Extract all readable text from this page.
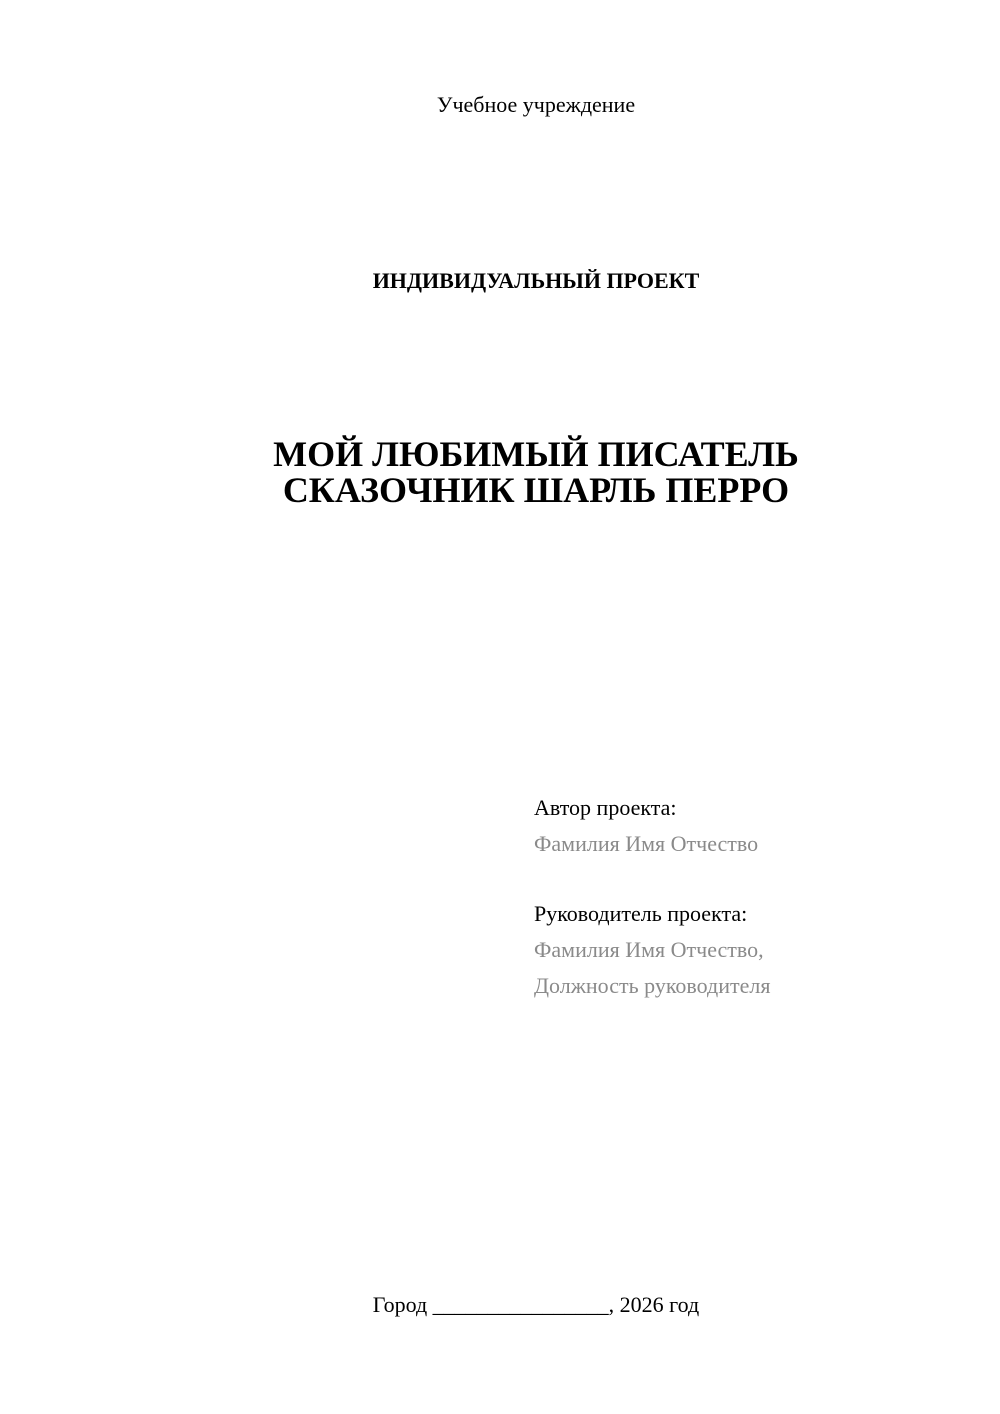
Учебное учреждение
ИНДИВИДУАЛЬНЫЙ ПРОЕКТ
МОЙ ЛЮБИМЫЙ ПИСАТЕЛЬ
СКАЗОЧНИК ШАРЛЬ ПЕРРО
Автор проекта:
Фамилия Имя Отчество
Руководитель проекта:
Фамилия Имя Отчество,
Должность руководителя
Город ________________, 2026 год
